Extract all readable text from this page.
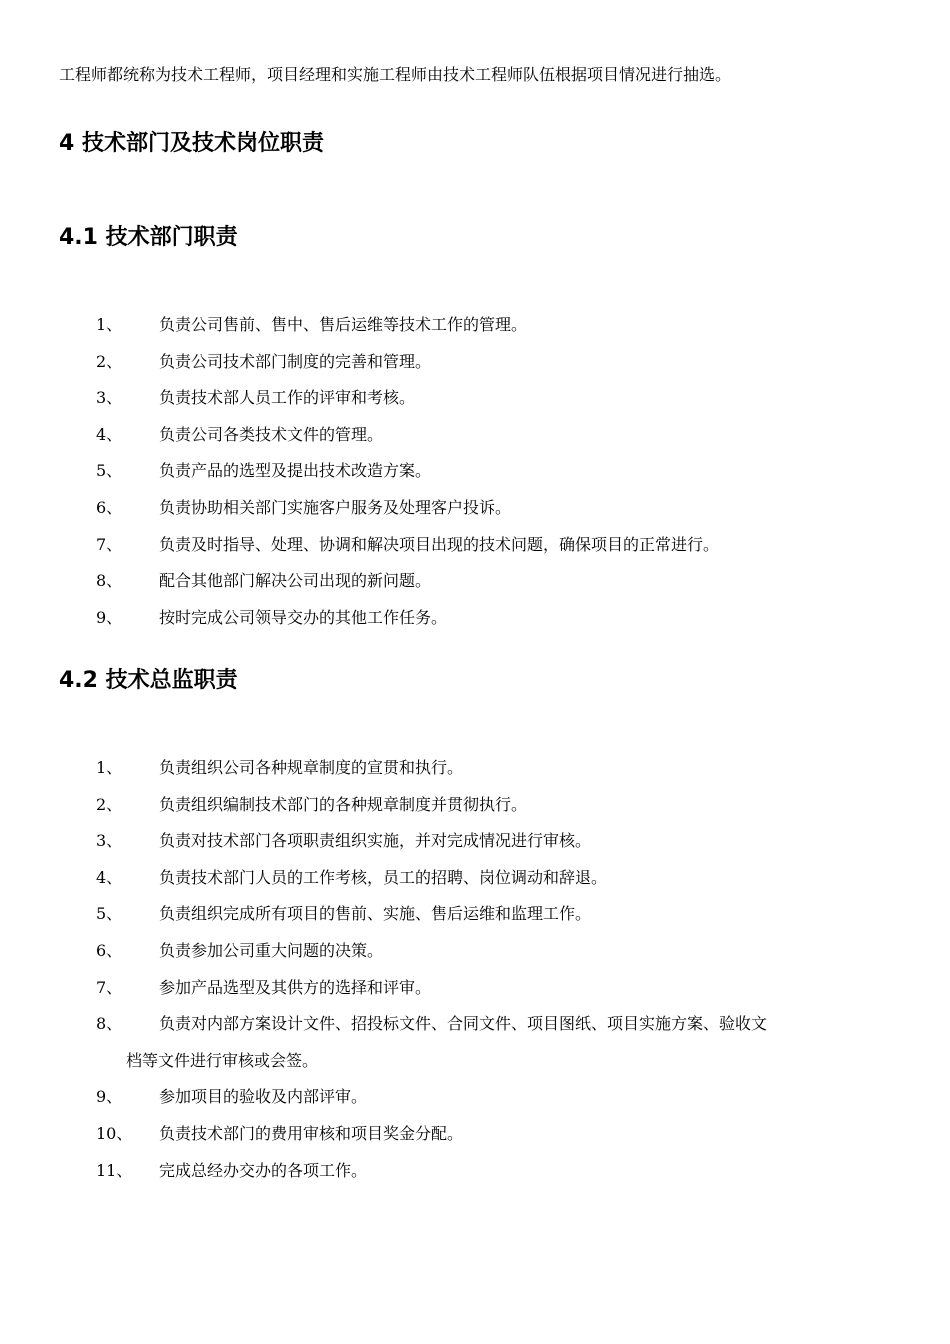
工程师都统称为技术工程师，项目经理和实施工程师由技术工程师队伍根据项目情况进行抽选。
4 技术部门及技术岗位职责
4.1 技术部门职责
1、 负责公司售前、售中、售后运维等技术工作的管理。
2、 负责公司技术部门制度的完善和管理。
3、 负责技术部人员工作的评审和考核。
4、 负责公司各类技术文件的管理。
5、 负责产品的选型及提出技术改造方案。
6、 负责协助相关部门实施客户服务及处理客户投诉。
7、 负责及时指导、处理、协调和解决项目出现的技术问题，确保项目的正常进行。
8、 配合其他部门解决公司出现的新问题。
9、 按时完成公司领导交办的其他工作任务。
4.2 技术总监职责
1、 负责组织公司各种规章制度的宣贯和执行。
2、 负责组织编制技术部门的各种规章制度并贯彻执行。
3、 负责对技术部门各项职责组织实施，并对完成情况进行审核。
4、 负责技术部门人员的工作考核，员工的招聘、岗位调动和辞退。
5、 负责组织完成所有项目的售前、实施、售后运维和监理工作。
6、 负责参加公司重大问题的决策。
7、 参加产品选型及其供方的选择和评审。
8、	负责对内部方案设计文件、招投标文件、合同文件、项目图纸、项目实施方案、验收文
档等文件进行审核或会签。
9、 参加项目的验收及内部评审。
10、 负责技术部门的费用审核和项目奖金分配。
11、 完成总经办交办的各项工作。
